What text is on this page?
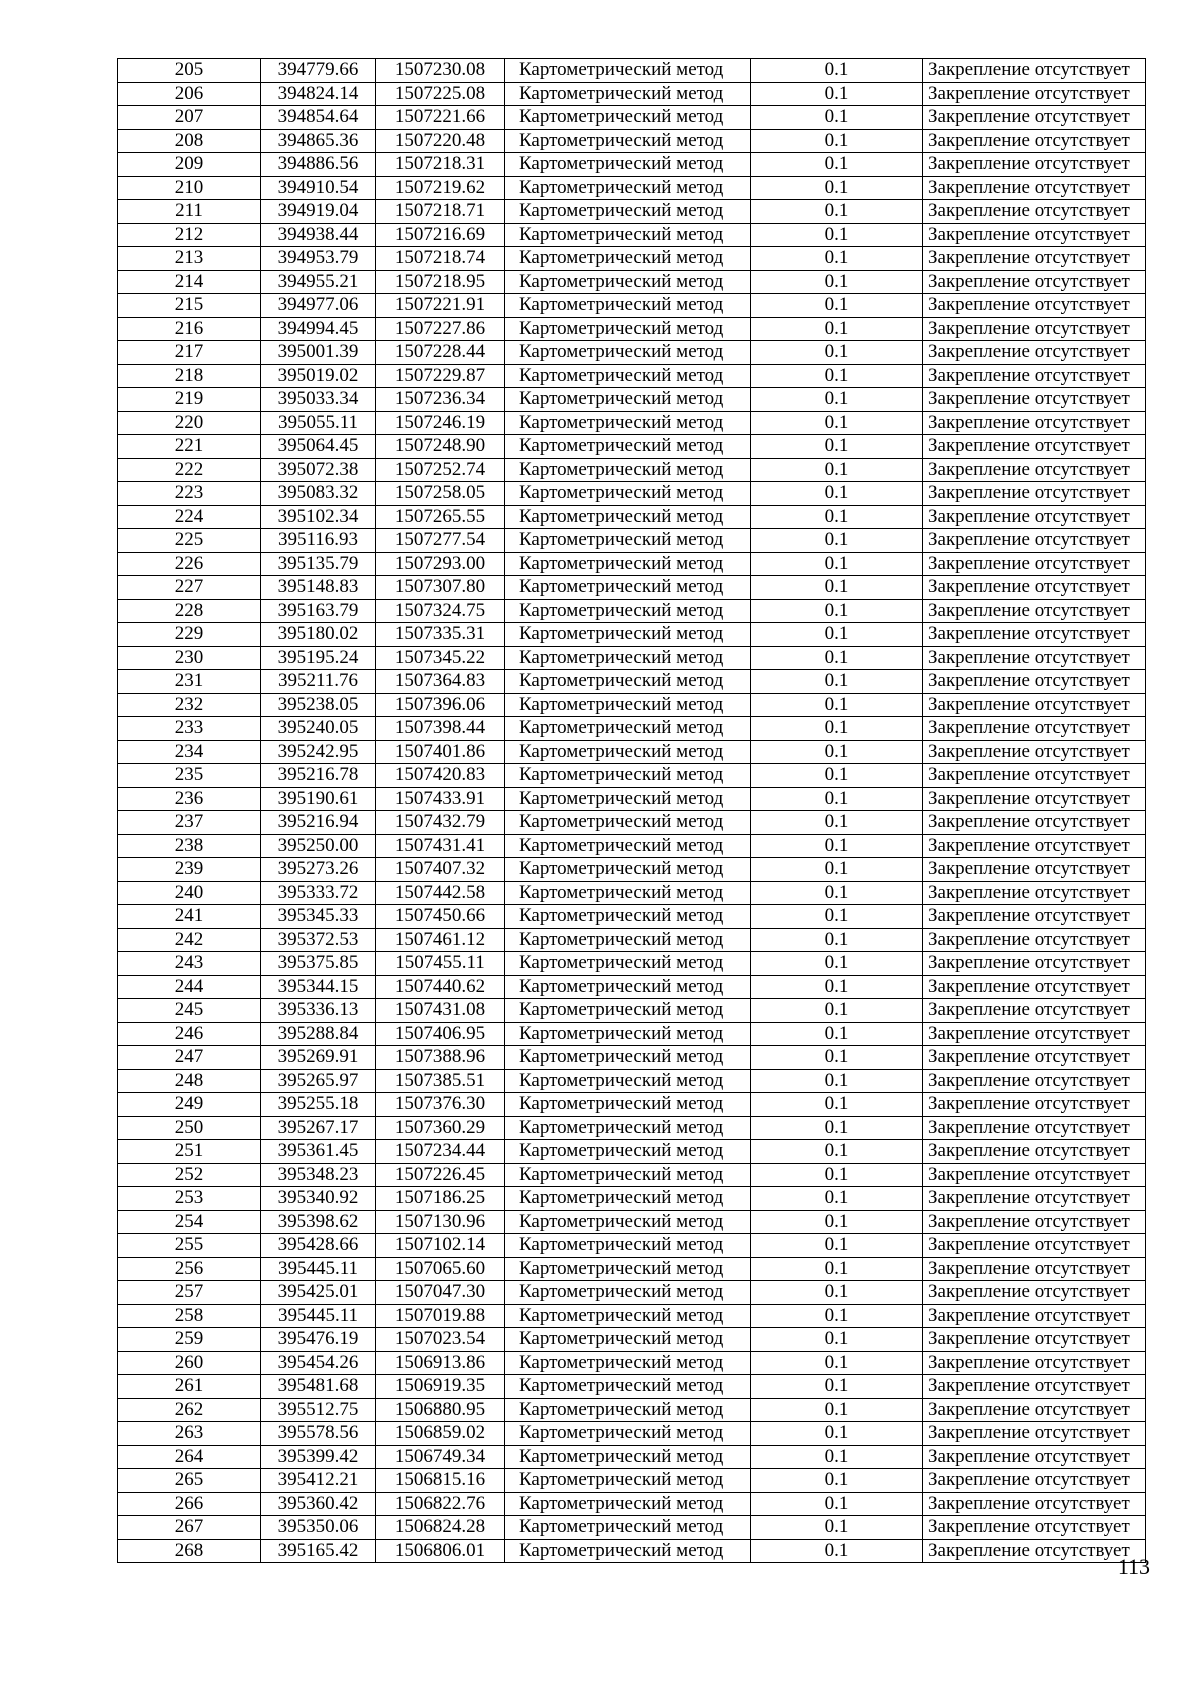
205	394779.66	1507230.08	Картометрический метод	0.1	Закрепление отсутствует
206	394824.14	1507225.08	Картометрический метод	0.1	Закрепление отсутствует
207	394854.64	1507221.66	Картометрический метод	0.1	Закрепление отсутствует
208	394865.36	1507220.48	Картометрический метод	0.1	Закрепление отсутствует
209	394886.56	1507218.31	Картометрический метод	0.1	Закрепление отсутствует
210	394910.54	1507219.62	Картометрический метод	0.1	Закрепление отсутствует
211	394919.04	1507218.71	Картометрический метод	0.1	Закрепление отсутствует
212	394938.44	1507216.69	Картометрический метод	0.1	Закрепление отсутствует
213	394953.79	1507218.74	Картометрический метод	0.1	Закрепление отсутствует
214	394955.21	1507218.95	Картометрический метод	0.1	Закрепление отсутствует
215	394977.06	1507221.91	Картометрический метод	0.1	Закрепление отсутствует
216	394994.45	1507227.86	Картометрический метод	0.1	Закрепление отсутствует
217	395001.39	1507228.44	Картометрический метод	0.1	Закрепление отсутствует
218	395019.02	1507229.87	Картометрический метод	0.1	Закрепление отсутствует
219	395033.34	1507236.34	Картометрический метод	0.1	Закрепление отсутствует
220	395055.11	1507246.19	Картометрический метод	0.1	Закрепление отсутствует
221	395064.45	1507248.90	Картометрический метод	0.1	Закрепление отсутствует
222	395072.38	1507252.74	Картометрический метод	0.1	Закрепление отсутствует
223	395083.32	1507258.05	Картометрический метод	0.1	Закрепление отсутствует
224	395102.34	1507265.55	Картометрический метод	0.1	Закрепление отсутствует
225	395116.93	1507277.54	Картометрический метод	0.1	Закрепление отсутствует
226	395135.79	1507293.00	Картометрический метод	0.1	Закрепление отсутствует
227	395148.83	1507307.80	Картометрический метод	0.1	Закрепление отсутствует
228	395163.79	1507324.75	Картометрический метод	0.1	Закрепление отсутствует
229	395180.02	1507335.31	Картометрический метод	0.1	Закрепление отсутствует
230	395195.24	1507345.22	Картометрический метод	0.1	Закрепление отсутствует
231	395211.76	1507364.83	Картометрический метод	0.1	Закрепление отсутствует
232	395238.05	1507396.06	Картометрический метод	0.1	Закрепление отсутствует
233	395240.05	1507398.44	Картометрический метод	0.1	Закрепление отсутствует
234	395242.95	1507401.86	Картометрический метод	0.1	Закрепление отсутствует
235	395216.78	1507420.83	Картометрический метод	0.1	Закрепление отсутствует
236	395190.61	1507433.91	Картометрический метод	0.1	Закрепление отсутствует
237	395216.94	1507432.79	Картометрический метод	0.1	Закрепление отсутствует
238	395250.00	1507431.41	Картометрический метод	0.1	Закрепление отсутствует
239	395273.26	1507407.32	Картометрический метод	0.1	Закрепление отсутствует
240	395333.72	1507442.58	Картометрический метод	0.1	Закрепление отсутствует
241	395345.33	1507450.66	Картометрический метод	0.1	Закрепление отсутствует
242	395372.53	1507461.12	Картометрический метод	0.1	Закрепление отсутствует
243	395375.85	1507455.11	Картометрический метод	0.1	Закрепление отсутствует
244	395344.15	1507440.62	Картометрический метод	0.1	Закрепление отсутствует
245	395336.13	1507431.08	Картометрический метод	0.1	Закрепление отсутствует
246	395288.84	1507406.95	Картометрический метод	0.1	Закрепление отсутствует
247	395269.91	1507388.96	Картометрический метод	0.1	Закрепление отсутствует
248	395265.97	1507385.51	Картометрический метод	0.1	Закрепление отсутствует
249	395255.18	1507376.30	Картометрический метод	0.1	Закрепление отсутствует
250	395267.17	1507360.29	Картометрический метод	0.1	Закрепление отсутствует
251	395361.45	1507234.44	Картометрический метод	0.1	Закрепление отсутствует
252	395348.23	1507226.45	Картометрический метод	0.1	Закрепление отсутствует
253	395340.92	1507186.25	Картометрический метод	0.1	Закрепление отсутствует
254	395398.62	1507130.96	Картометрический метод	0.1	Закрепление отсутствует
255	395428.66	1507102.14	Картометрический метод	0.1	Закрепление отсутствует
256	395445.11	1507065.60	Картометрический метод	0.1	Закрепление отсутствует
257	395425.01	1507047.30	Картометрический метод	0.1	Закрепление отсутствует
258	395445.11	1507019.88	Картометрический метод	0.1	Закрепление отсутствует
259	395476.19	1507023.54	Картометрический метод	0.1	Закрепление отсутствует
260	395454.26	1506913.86	Картометрический метод	0.1	Закрепление отсутствует
261	395481.68	1506919.35	Картометрический метод	0.1	Закрепление отсутствует
262	395512.75	1506880.95	Картометрический метод	0.1	Закрепление отсутствует
263	395578.56	1506859.02	Картометрический метод	0.1	Закрепление отсутствует
264	395399.42	1506749.34	Картометрический метод	0.1	Закрепление отсутствует
265	395412.21	1506815.16	Картометрический метод	0.1	Закрепление отсутствует
266	395360.42	1506822.76	Картометрический метод	0.1	Закрепление отсутствует
267	395350.06	1506824.28	Картометрический метод	0.1	Закрепление отсутствует
268	395165.42	1506806.01	Картометрический метод	0.1	Закрепление отсутствует
113
